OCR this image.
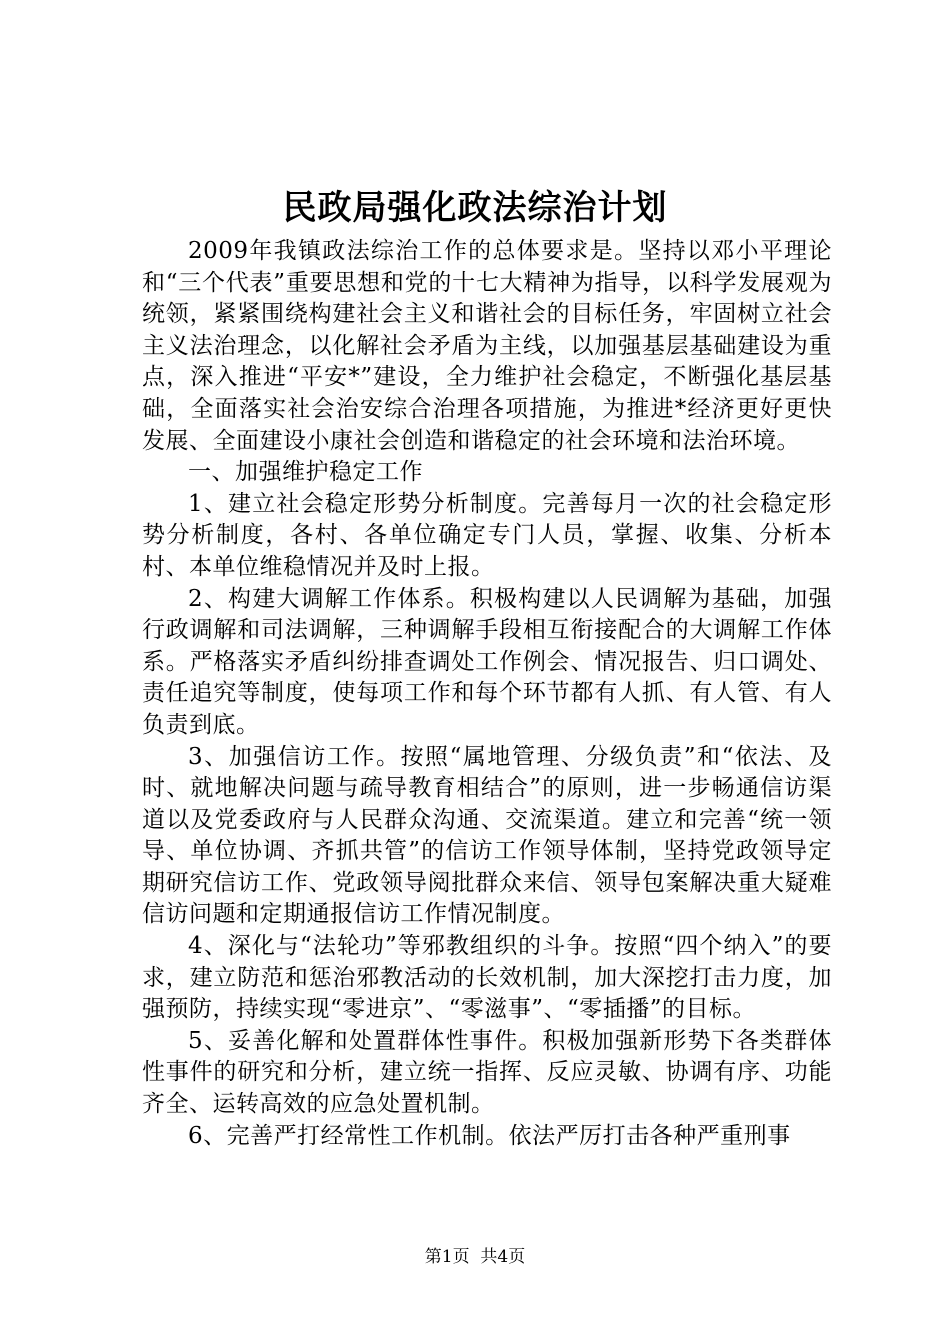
民政局强化政法综治计划

2009年我镇政法综治工作的总体要求是。坚持以邓小平理论和“三个代表”重要思想和党的十七大精神为指导，以科学发展观为统领，紧紧围绕构建社会主义和谐社会的目标任务，牢固树立社会主义法治理念，以化解社会矛盾为主线，以加强基层基础建设为重点，深入推进“平安*”建设，全力维护社会稳定，不断强化基层基础，全面落实社会治安综合治理各项措施，为推进*经济更好更快发展、全面建设小康社会创造和谐稳定的社会环境和法治环境。

一、加强维护稳定工作

1、建立社会稳定形势分析制度。完善每月一次的社会稳定形势分析制度，各村、各单位确定专门人员，掌握、收集、分析本村、本单位维稳情况并及时上报。

2、构建大调解工作体系。积极构建以人民调解为基础，加强行政调解和司法调解，三种调解手段相互衔接配合的大调解工作体系。严格落实矛盾纠纷排查调处工作例会、情况报告、归口调处、责任追究等制度，使每项工作和每个环节都有人抓、有人管、有人负责到底。

3、加强信访工作。按照“属地管理、分级负责”和“依法、及时、就地解决问题与疏导教育相结合”的原则，进一步畅通信访渠道以及党委政府与人民群众沟通、交流渠道。建立和完善“统一领导、单位协调、齐抓共管”的信访工作领导体制，坚持党政领导定期研究信访工作、党政领导阅批群众来信、领导包案解决重大疑难信访问题和定期通报信访工作情况制度。

4、深化与“法轮功”等邪教组织的斗争。按照“四个纳入”的要求，建立防范和惩治邪教活动的长效机制，加大深挖打击力度，加强预防，持续实现“零进京”、“零滋事”、“零插播”的目标。

5、妥善化解和处置群体性事件。积极加强新形势下各类群体性事件的研究和分析，建立统一指挥、反应灵敏、协调有序、功能齐全、运转高效的应急处置机制。

6、完善严打经常性工作机制。依法严厉打击各种严重刑事

第1页 共4页
